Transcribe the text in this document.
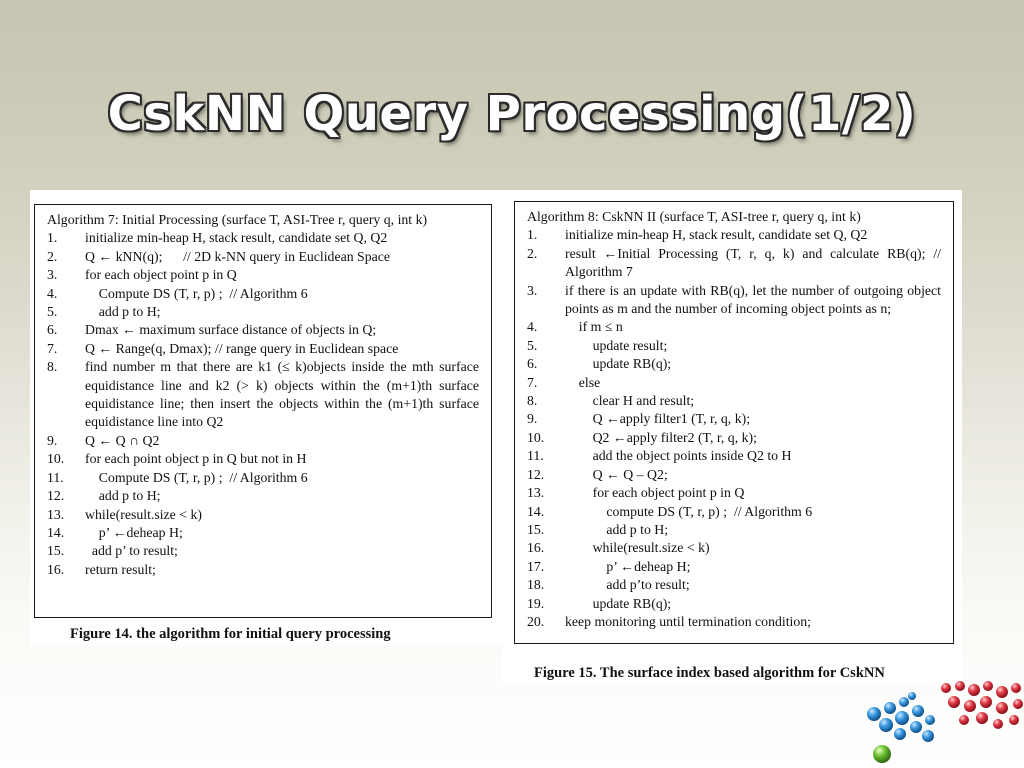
CskNN Query Processing(1/2)
Algorithm 7: Initial Processing (surface T, ASI-Tree r, query q, int k)
1.	initialize min-heap H, stack result, candidate set Q, Q2
2.	Q ← kNN(q);      // 2D k-NN query in Euclidean Space
3.	for each object point p in Q
4.	Compute DS (T, r, p) ;  // Algorithm 6
5.	add p to H;
6.	Dmax ← maximum surface distance of objects in Q;
7.	Q ← Range(q, Dmax); // range query in Euclidean space
8.	find number m that there are k1 (≤ k)objects inside the mth surface equidistance line and k2 (> k) objects within the (m+1)th surface equidistance line; then insert the objects within the (m+1)th surface equidistance line into Q2
9.	Q ← Q ∩ Q2
10.	for each point object p in Q but not in H
11.	Compute DS (T, r, p) ;  // Algorithm 6
12.	add p to H;
13.	while(result.size < k)
14.	p’ ←deheap H;
15.	add p’ to result;
16.	return result;
Figure 14. the algorithm for initial query processing
Algorithm 8: CskNN II (surface T, ASI-tree r, query q, int k)
1.	initialize min-heap H, stack result, candidate set Q, Q2
2.	result ←Initial Processing (T, r, q, k) and calculate RB(q); // Algorithm 7
3.	if there is an update with RB(q), let the number of outgoing object points as m and the number of incoming object points as n;
4.	if m ≤ n
5.	update result;
6.	update RB(q);
7.	else
8.	clear H and result;
9.	Q ←apply filter1 (T, r, q, k);
10.	Q2 ←apply filter2 (T, r, q, k);
11.	add the object points inside Q2 to H
12.	Q ← Q – Q2;
13.	for each object point p in Q
14.	compute DS (T, r, p) ;  // Algorithm 6
15.	add p to H;
16.	while(result.size < k)
17.	p’ ←deheap H;
18.	add p’to result;
19.	update RB(q);
20.	keep monitoring until termination condition;
Figure 15. The surface index based algorithm for CskNN
